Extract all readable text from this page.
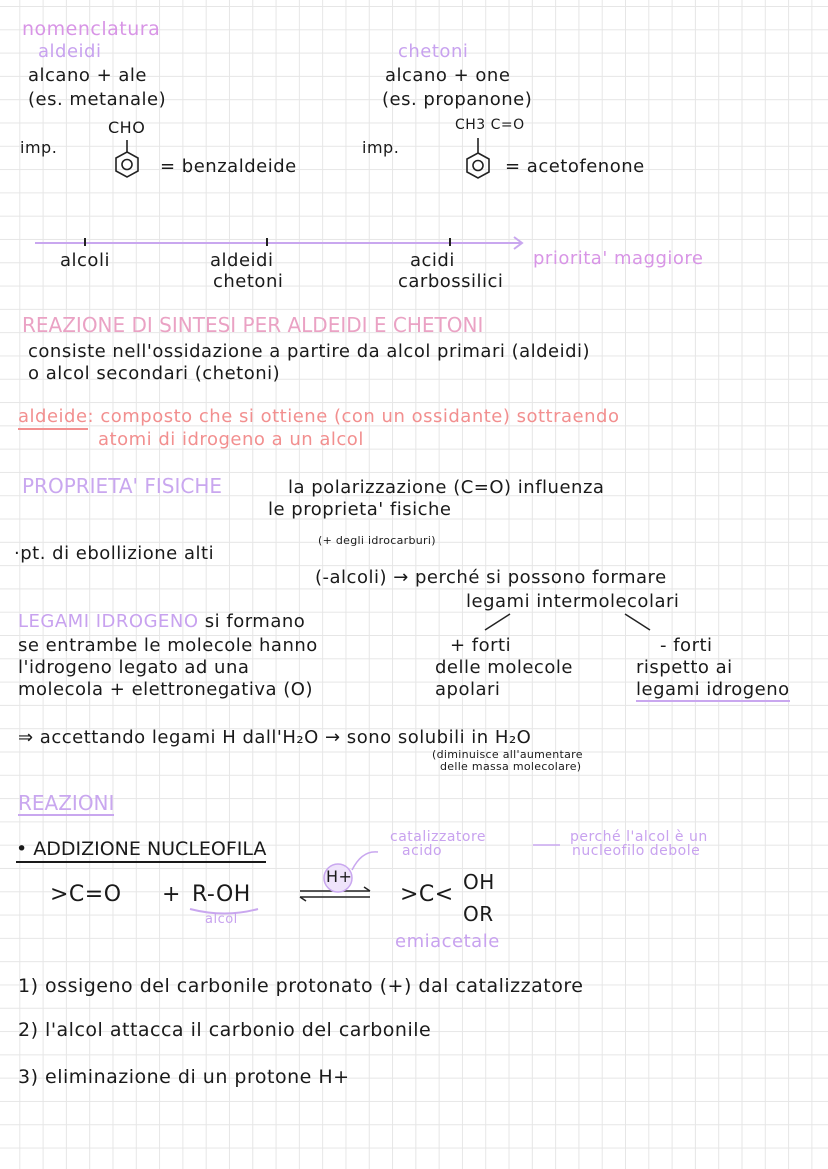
nomenclatura
aldeidi	chetoni
alcano + ale	alcano + one
(es. metanale)	(es. propanone)
CHO
imp.
= benzaldeide
imp.
CH3 C=O
= acetofenone
alcoli	aldeidi
chetoni
acidi
carbossilici
priorita' maggiore
REAZIONE DI SINTESI PER ALDEIDI E CHETONI
consiste nell'ossidazione a partire da alcol primari (aldeidi)
o alcol secondari (chetoni)
aldeide: composto che si ottiene (con un ossidante) sottraendo
atomi di idrogeno a un alcol
PROPRIETA' FISICHE	la polarizzazione (C=O) influenza
le proprieta' fisiche
·pt. di ebollizione alti
(+ degli idrocarburi)
(-alcoli) → perché si possono formare
legami intermolecolari
LEGAMI IDROGENO si formano
se entrambe le molecole hanno
l'idrogeno legato ad una
molecola + elettronegativa (O)
+ forti
delle molecole
apolari
- forti
rispetto ai
legami idrogeno
⇒ accettando legami H dall'H₂O → sono solubili in H₂O
(diminuisce all'aumentare
delle massa molecolare)
REAZIONI
• ADDIZIONE NUCLEOFILA
catalizzatore
acido
perché l'alcol è un
nucleofilo debole
>C=O + R-OH
alcol
H+
>C< OH
OR
emiacetale
1) ossigeno del carbonile protonato (+) dal catalizzatore
2) l'alcol attacca il carbonio del carbonile
3) eliminazione di un protone H+
